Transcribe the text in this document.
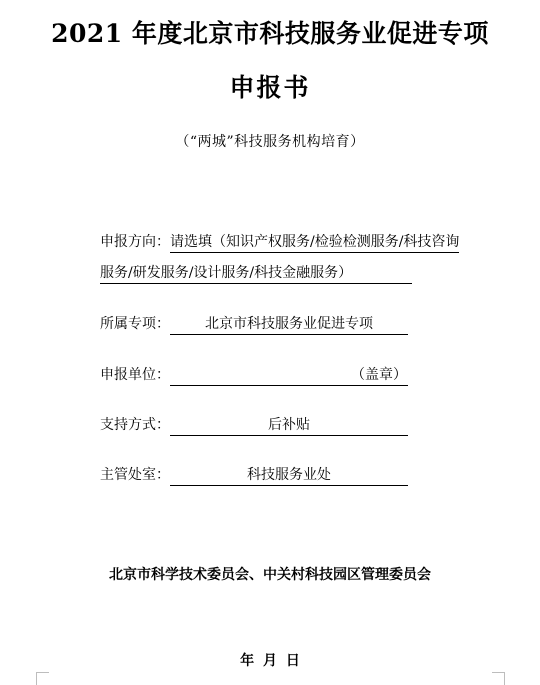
2021 年度北京市科技服务业促进专项
申报书
（“两城”科技服务机构培育）
申报方向：请选填（知识产权服务/检验检测服务/科技咨询
服务/研发服务/设计服务/科技金融服务）
所属专项：	北京市科技服务业促进专项
申报单位：	（盖章）
支持方式：	后补贴
主管处室：	科技服务业处
北京市科学技术委员会、中关村科技园区管理委员会
年 月 日
